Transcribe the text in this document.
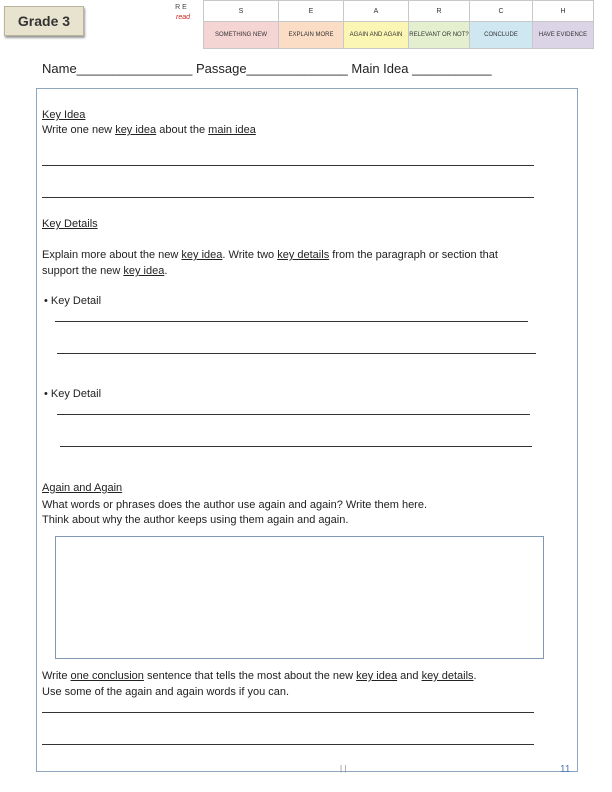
Grade 3
R E
read
S	E	A	R	C	H
SOMETHING NEW	EXPLAIN MORE	AGAIN AND AGAIN	RELEVANT OR NOT?	CONCLUDE	HAVE EVIDENCE
Name________________ Passage______________ Main Idea ___________
Key Idea
Write one new key idea about the main idea
Key Details
Explain more about the new key idea. Write two key details from the paragraph or section that
support the new key idea.
• Key Detail
• Key Detail
Again and Again
What words or phrases does the author use again and again? Write them here.
Think about why the author keeps using them again and again.
Write one conclusion sentence that tells the most about the new key idea and key details.
Use some of the again and again words if you can.
| |	11
